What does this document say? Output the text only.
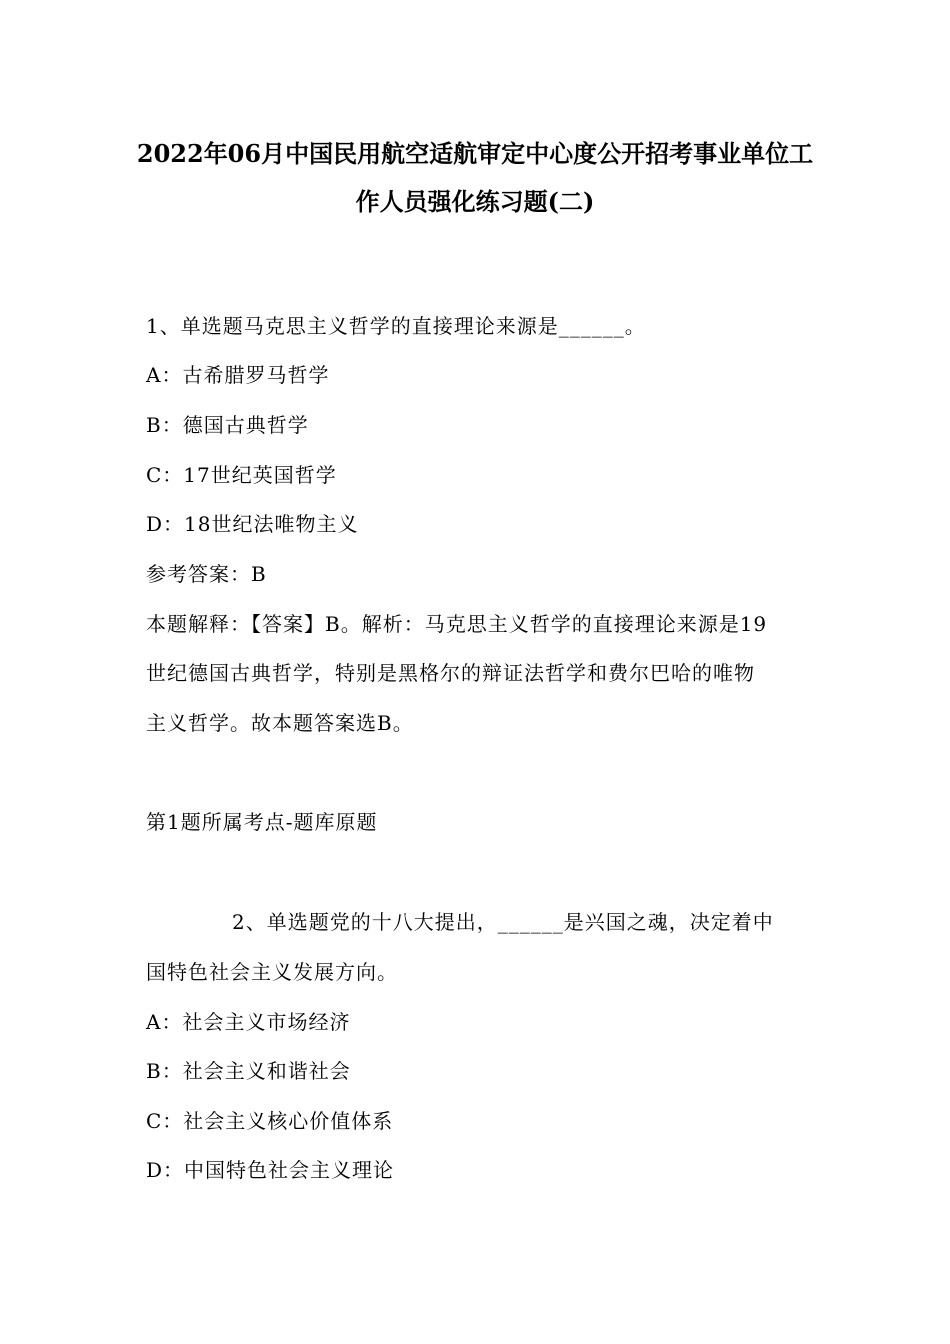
2022年06月中国民用航空适航审定中心度公开招考事业单位工
作人员强化练习题(二)
1、单选题马克思主义哲学的直接理论来源是______。
A：古希腊罗马哲学
B：德国古典哲学
C：17世纪英国哲学
D：18世纪法唯物主义
参考答案：B
本题解释：【答案】B。解析：马克思主义哲学的直接理论来源是19
世纪德国古典哲学，特别是黑格尔的辩证法哲学和费尔巴哈的唯物
主义哲学。故本题答案选B。
第1题所属考点-题库原题
2、单选题党的十八大提出，______是兴国之魂，决定着中
国特色社会主义发展方向。
A：社会主义市场经济
B：社会主义和谐社会
C：社会主义核心价值体系
D：中国特色社会主义理论
